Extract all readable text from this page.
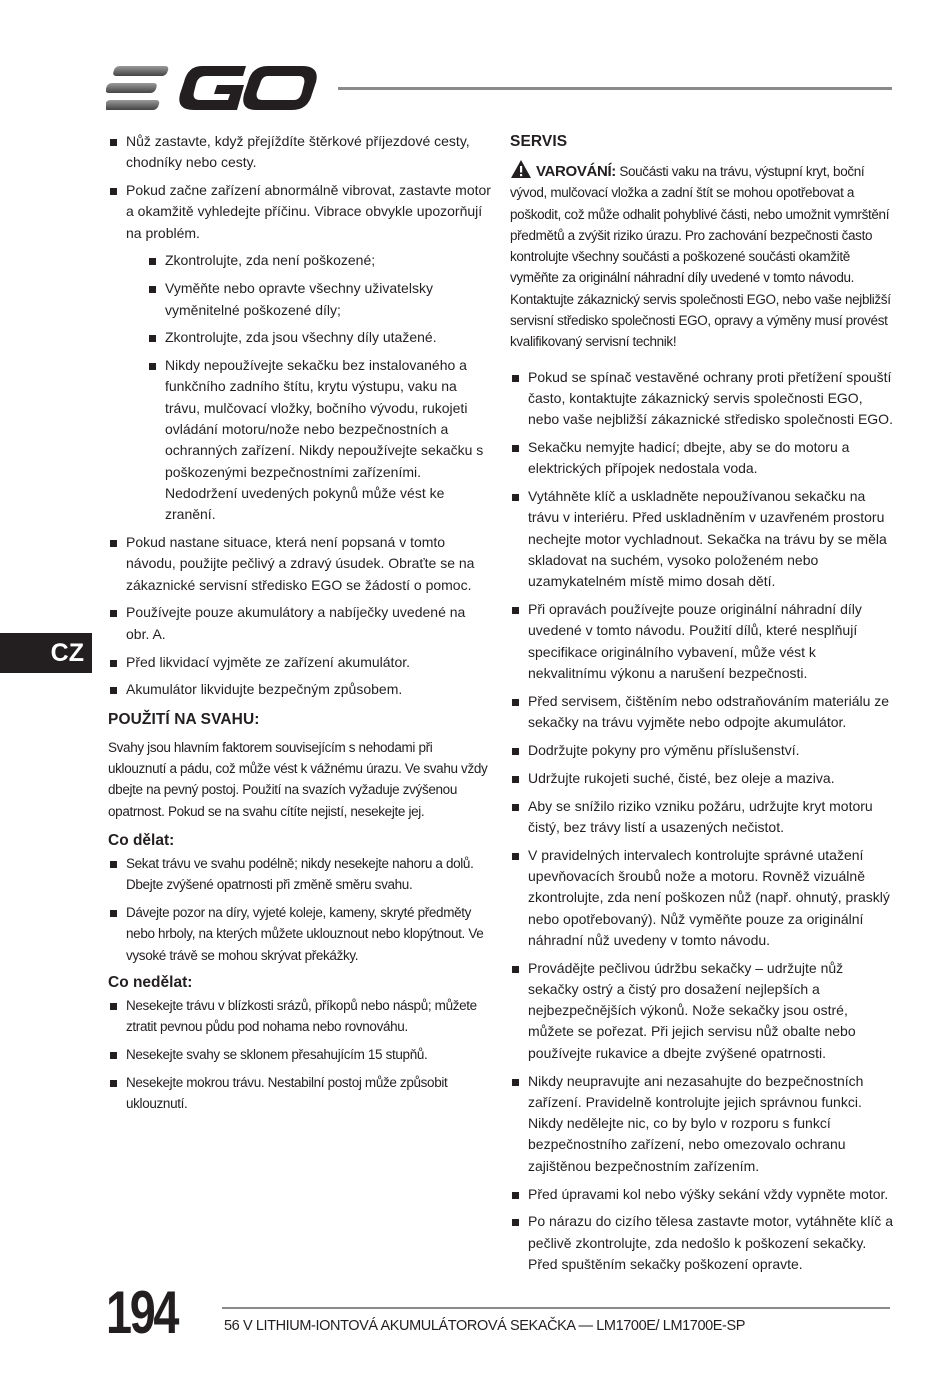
Nůž zastavte, když přejíždíte štěrkové příjezdové cesty, chodníky nebo cesty.
Pokud začne zařízení abnormálně vibrovat, zastavte motor a okamžitě vyhledejte příčinu. Vibrace obvykle upozorňují na problém.
Zkontrolujte, zda není poškozené;
Vyměňte nebo opravte všechny uživatelsky vyměnitelné poškozené díly;
Zkontrolujte, zda jsou všechny díly utažené.
Nikdy nepoužívejte sekačku bez instalovaného a funkčního zadního štítu, krytu výstupu, vaku na trávu, mulčovací vložky, bočního vývodu, rukojeti ovládání motoru/nože nebo bezpečnostních a ochranných zařízení. Nikdy nepoužívejte sekačku s poškozenými bezpečnostními zařízeními. Nedodržení uvedených pokynů může vést ke zranění.
Pokud nastane situace, která není popsaná v tomto návodu, použijte pečlivý a zdravý úsudek. Obraťte se na zákaznické servisní středisko EGO se žádostí o pomoc.
Používejte pouze akumulátory a nabíječky uvedené na obr. A.
Před likvidací vyjměte ze zařízení akumulátor.
Akumulátor likvidujte bezpečným způsobem.
POUŽITÍ NA SVAHU:

Svahy jsou hlavním faktorem souvisejícím s nehodami při uklouznutí a pádu, což může vést k vážnému úrazu. Ve svahu vždy dbejte na pevný postoj. Použití na svazích vyžaduje zvýšenou opatrnost. Pokud se na svahu cítíte nejistí, nesekejte jej.

Co dělat:
Sekat trávu ve svahu podélně; nikdy nesekejte nahoru a dolů. Dbejte zvýšené opatrnosti při změně směru svahu.
Dávejte pozor na díry, vyjeté koleje, kameny, skryté předměty nebo hrboly, na kterých můžete uklouznout nebo klopýtnout. Ve vysoké trávě se mohou skrývat překážky.
Co nedělat:
Nesekejte trávu v blízkosti srázů, příkopů nebo náspů; můžete ztratit pevnou půdu pod nohama nebo rovnováhu.
Nesekejte svahy se sklonem přesahujícím 15 stupňů.
Nesekejte mokrou trávu. Nestabilní postoj může způsobit uklouznutí.
SERVIS
VAROVÁNÍ: Součásti vaku na trávu, výstupní kryt, boční vývod, mulčovací vložka a zadní štít se mohou opotřebovat a poškodit, což může odhalit pohyblivé části, nebo umožnit vymrštění předmětů a zvýšit riziko úrazu. Pro zachování bezpečnosti často kontrolujte všechny součásti a poškozené součásti okamžitě vyměňte za originální náhradní díly uvedené v tomto návodu. Kontaktujte zákaznický servis společnosti EGO, nebo vaše nejbližší servisní středisko společnosti EGO, opravy a výměny musí provést kvalifikovaný servisní technik!
Pokud se spínač vestavěné ochrany proti přetížení spouští často, kontaktujte zákaznický servis společnosti EGO, nebo vaše nejbližší zákaznické středisko společnosti EGO.
Sekačku nemyjte hadicí; dbejte, aby se do motoru a elektrických přípojek nedostala voda.
Vytáhněte klíč a uskladněte nepoužívanou sekačku na trávu v interiéru. Před uskladněním v uzavřeném prostoru nechejte motor vychladnout. Sekačka na trávu by se měla skladovat na suchém, vysoko položeném nebo uzamykatelném místě mimo dosah dětí.
Při opravách používejte pouze originální náhradní díly uvedené v tomto návodu. Použití dílů, které nesplňují specifikace originálního vybavení, může vést k nekvalitnímu výkonu a narušení bezpečnosti.
Před servisem, čištěním nebo odstraňováním materiálu ze sekačky na trávu vyjměte nebo odpojte akumulátor.
Dodržujte pokyny pro výměnu příslušenství.
Udržujte rukojeti suché, čisté, bez oleje a maziva.
Aby se snížilo riziko vzniku požáru, udržujte kryt motoru čistý, bez trávy listí a usazených nečistot.
V pravidelných intervalech kontrolujte správné utažení upevňovacích šroubů nože a motoru. Rovněž vizuálně zkontrolujte, zda není poškozen nůž (např. ohnutý, prasklý nebo opotřebovaný). Nůž vyměňte pouze za originální náhradní nůž uvedeny v tomto návodu.
Provádějte pečlivou údržbu sekačky – udržujte nůž sekačky ostrý a čistý pro dosažení nejlepších a nejbezpečnějších výkonů. Nože sekačky jsou ostré, můžete se pořezat. Při jejich servisu nůž obalte nebo používejte rukavice a dbejte zvýšené opatrnosti.
Nikdy neupravujte ani nezasahujte do bezpečnostních zařízení. Pravidelně kontrolujte jejich správnou funkci. Nikdy nedělejte nic, co by bylo v rozporu s funkcí bezpečnostního zařízení, nebo omezovalo ochranu zajištěnou bezpečnostním zařízením.
Před úpravami kol nebo výšky sekání vždy vypněte motor.
Po nárazu do cizího tělesa zastavte motor, vytáhněte klíč a pečlivě zkontrolujte, zda nedošlo k poškození sekačky. Před spuštěním sekačky poškození opravte.
CZ
194	56 V LITHIUM-IONTOVÁ AKUMULÁTOROVÁ SEKAČKA — LM1700E/ LM1700E-SP
